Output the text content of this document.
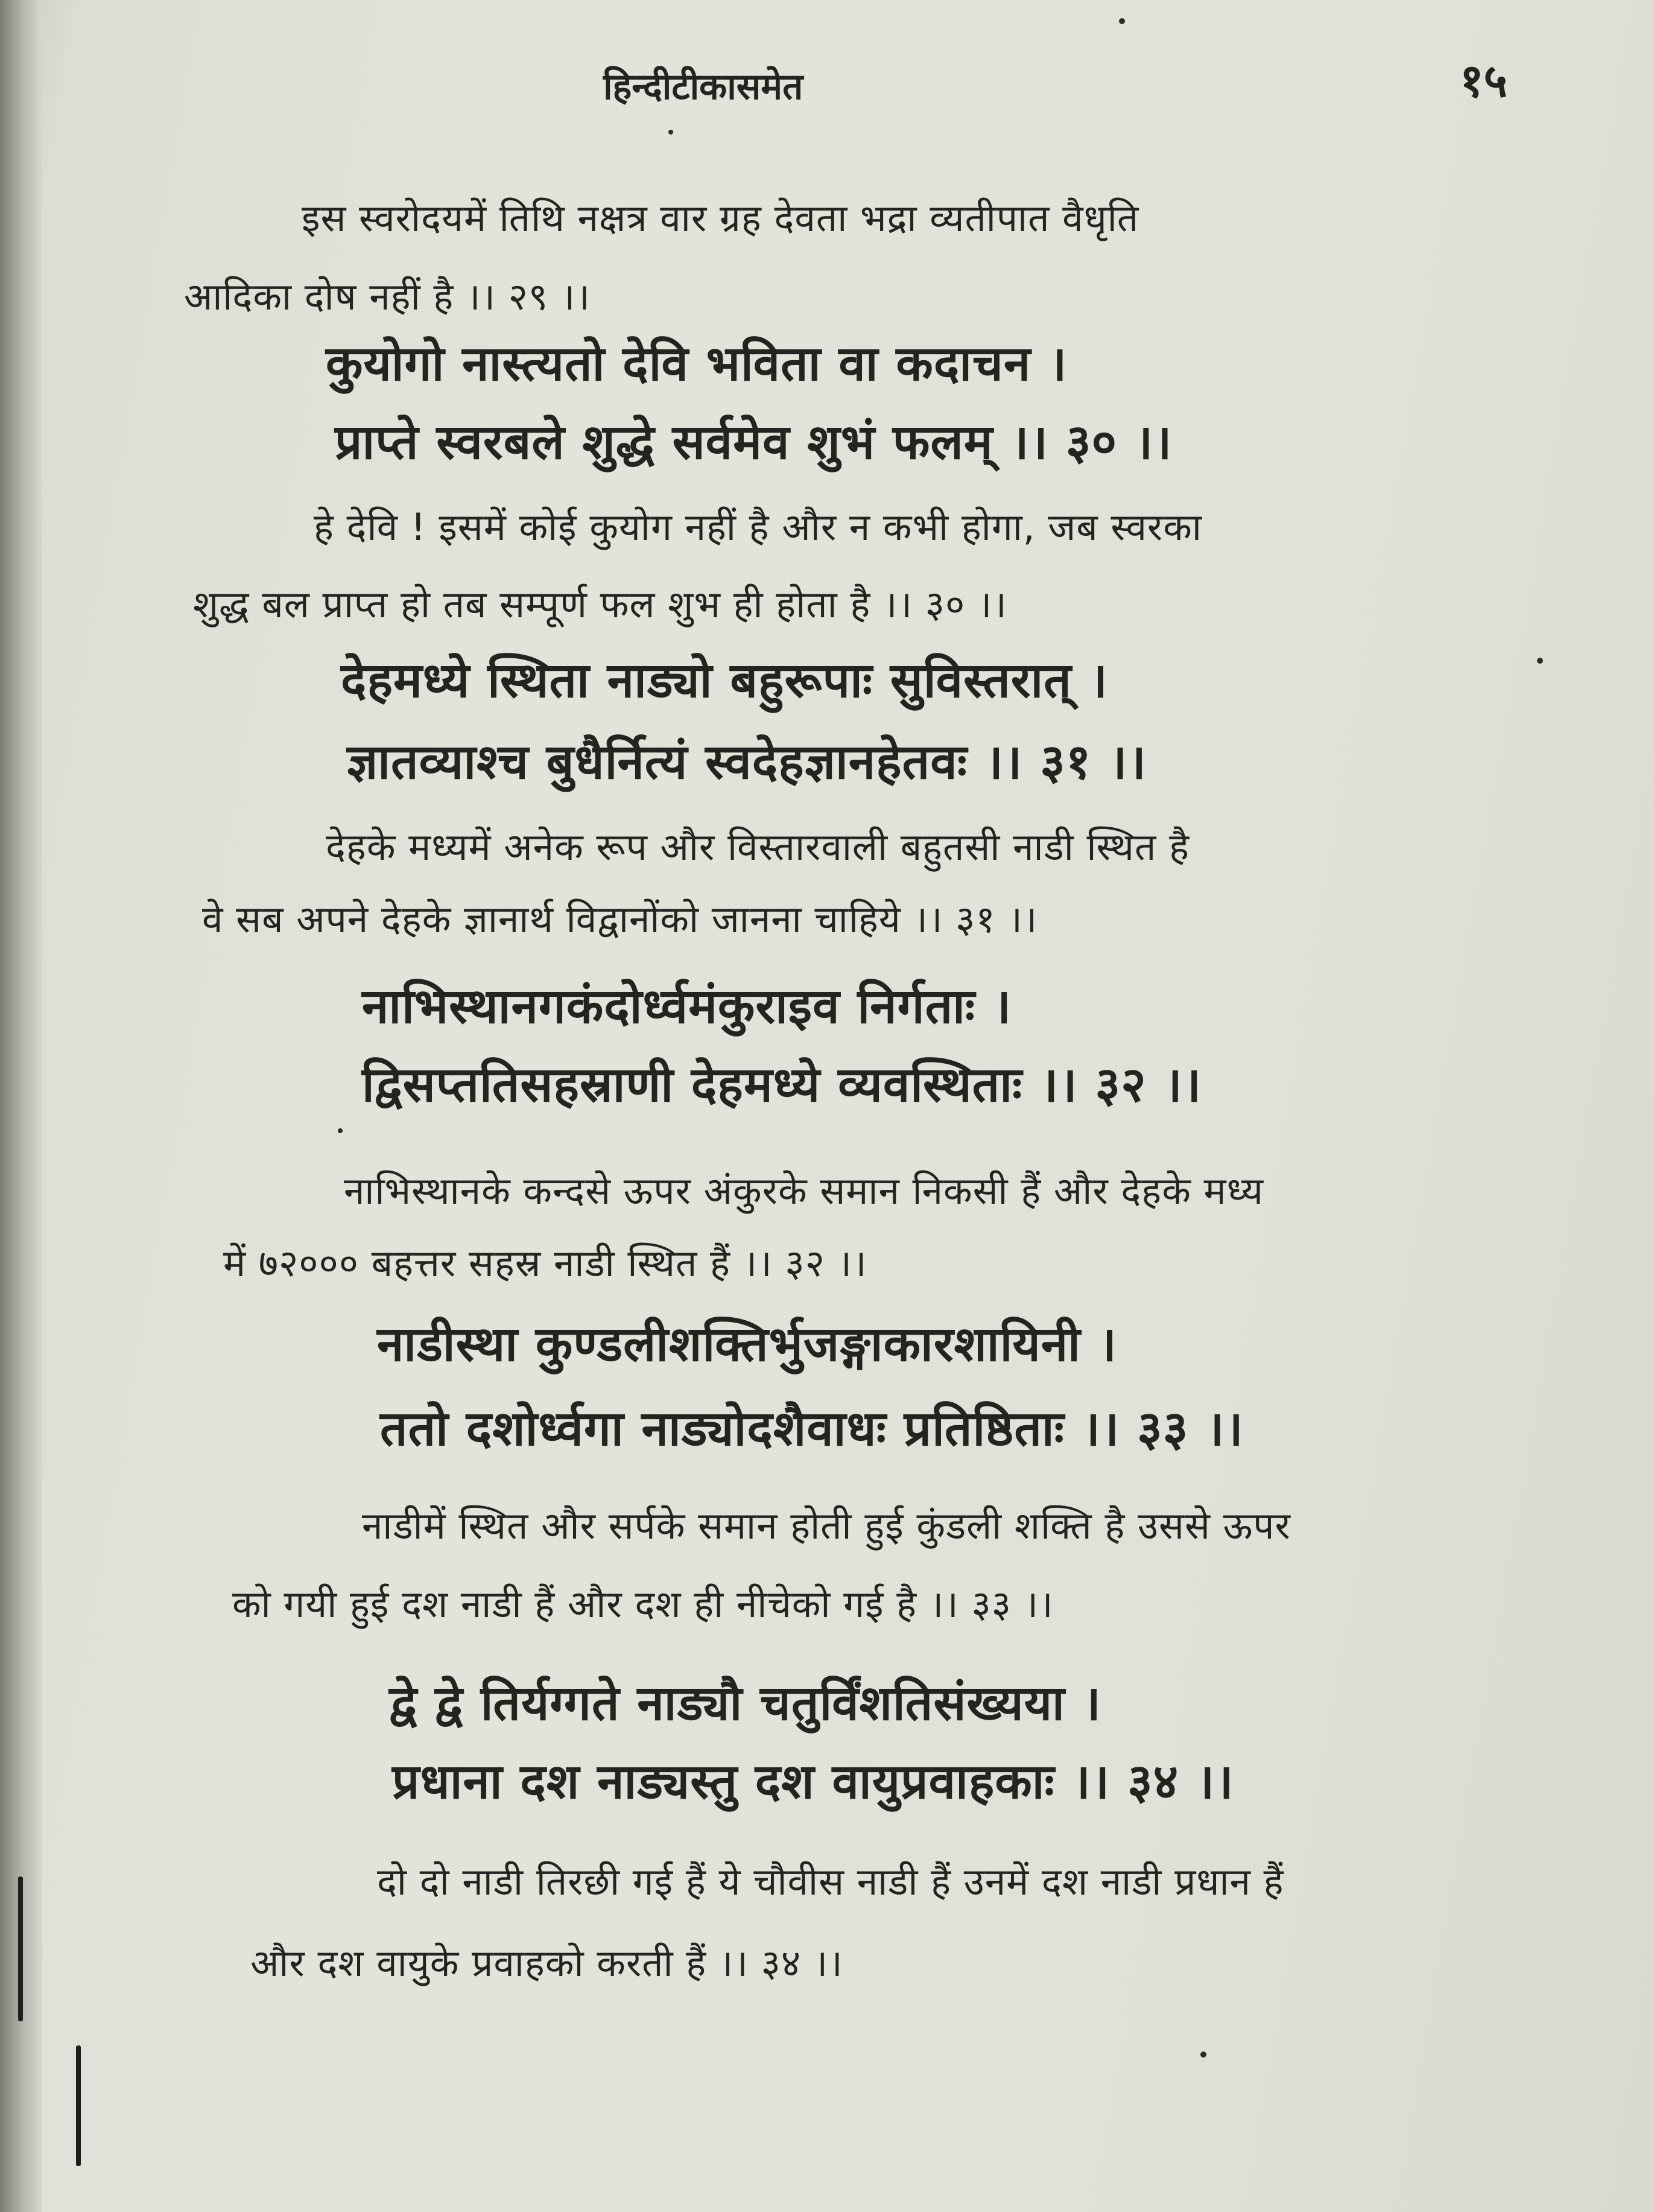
हिन्दीटीकासमेत	१५
इस स्वरोदयमें तिथि नक्षत्र वार ग्रह देवता भद्रा व्यतीपात वैधृति
आदिका दोष नहीं है ।। २९ ।।
कुयोगो नास्त्यतो देवि भविता वा कदाचन ।
प्राप्ते स्वरबले शुद्धे सर्वमेव शुभं फलम् ।। ३० ।।
हे देवि ! इसमें कोई कुयोग नहीं है और न कभी होगा, जब स्वरका
शुद्ध बल प्राप्त हो तब सम्पूर्ण फल शुभ ही होता है ।। ३० ।।
देहमध्ये स्थिता नाड्यो बहुरूपाः सुविस्तरात् ।
ज्ञातव्याश्च बुधैर्नित्यं स्वदेहज्ञानहेतवः ।। ३१ ।।
देहके मध्यमें अनेक रूप और विस्तारवाली बहुतसी नाडी स्थित है
वे सब अपने देहके ज्ञानार्थ विद्वानोंको जानना चाहिये ।। ३१ ।।
नाभिस्थानगकंदोर्ध्वमंकुराइव निर्गताः ।
द्विसप्ततिसहस्राणी देहमध्ये व्यवस्थिताः ।। ३२ ।।
नाभिस्थानके कन्दसे ऊपर अंकुरके समान निकसी हैं और देहके मध्य
में ७२००० बहत्तर सहस्र नाडी स्थित हैं ।। ३२ ।।
नाडीस्था कुण्डलीशक्तिर्भुजङ्गाकारशायिनी ।
ततो दशोर्ध्वगा नाड्योदशैवाधः प्रतिष्ठिताः ।। ३३ ।।
नाडीमें स्थित और सर्पके समान होती हुई कुंडली शक्ति है उससे ऊपर
को गयी हुई दश नाडी हैं और दश ही नीचेको गई है ।। ३३ ।।
द्वे द्वे तिर्यग्गते नाड्यौ चतुर्विंशतिसंख्यया ।
प्रधाना दश नाड्यस्तु दश वायुप्रवाहकाः ।। ३४ ।।
दो दो नाडी तिरछी गई हैं ये चौवीस नाडी हैं उनमें दश नाडी प्रधान हैं
और दश वायुके प्रवाहको करती हैं ।। ३४ ।।
